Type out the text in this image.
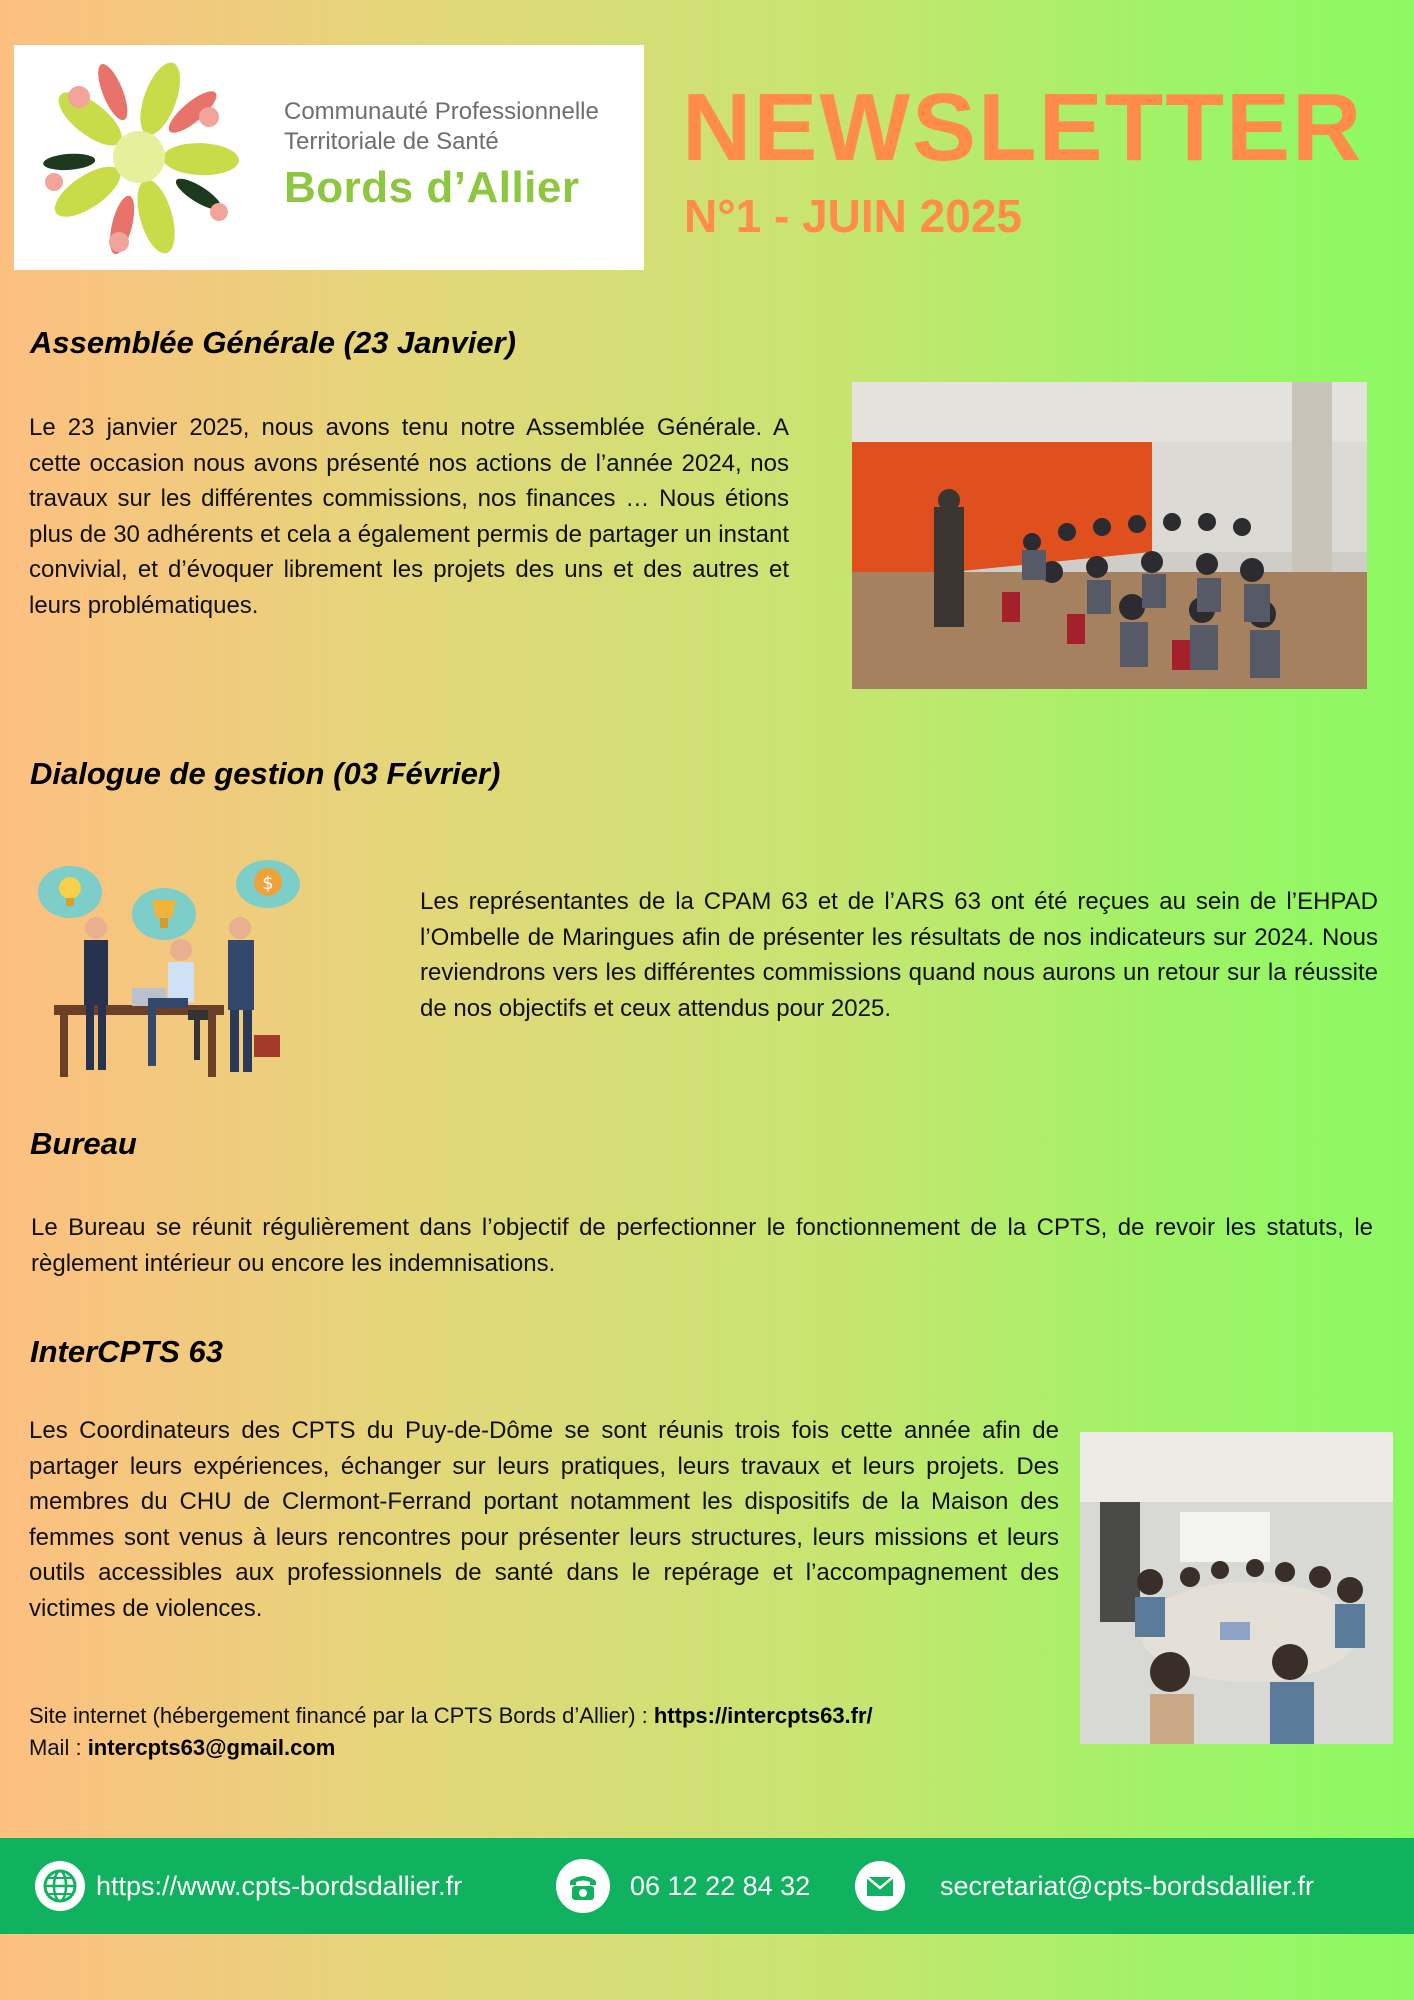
Communauté Professionnelle
Territoriale de Santé
Bords d’Allier
NEWSLETTER
N°1 - JUIN 2025
Assemblée Générale (23 Janvier)
Le 23 janvier 2025, nous avons tenu notre Assemblée Générale. A cette occasion nous avons présenté nos actions de l’année 2024, nos travaux sur les différentes commissions, nos finances … Nous étions plus de 30 adhérents et cela a également permis de partager un instant convivial, et d’évoquer librement les projets des uns et des autres et leurs problématiques.
Dialogue de gestion (03 Février)
$
Les représentantes de la CPAM 63 et de l’ARS 63 ont été reçues au sein de l’EHPAD l’Ombelle de Maringues afin de présenter les résultats de nos indicateurs sur 2024. Nous reviendrons vers les différentes commissions quand nous aurons un retour sur la réussite de nos objectifs et ceux attendus pour 2025.
Bureau
Le Bureau se réunit régulièrement dans l’objectif de perfectionner le fonctionnement de la CPTS, de revoir les statuts, le règlement intérieur ou encore les indemnisations.
InterCPTS 63
Les Coordinateurs des CPTS du Puy-de-Dôme se sont réunis trois fois cette année afin de partager leurs expériences, échanger sur leurs pratiques, leurs travaux et leurs projets. Des membres du CHU de Clermont-Ferrand portant notamment les dispositifs de la Maison des femmes sont venus à leurs rencontres pour présenter leurs structures, leurs missions et leurs outils accessibles aux professionnels de santé dans le repérage et l’accompagnement des victimes de violences.
Site internet (hébergement financé par la CPTS Bords d’Allier) : https://intercpts63.fr/
Mail : intercpts63@gmail.com
https://www.cpts-bordsdallier.fr	06 12 22 84 32	secretariat@cpts-bordsdallier.fr
